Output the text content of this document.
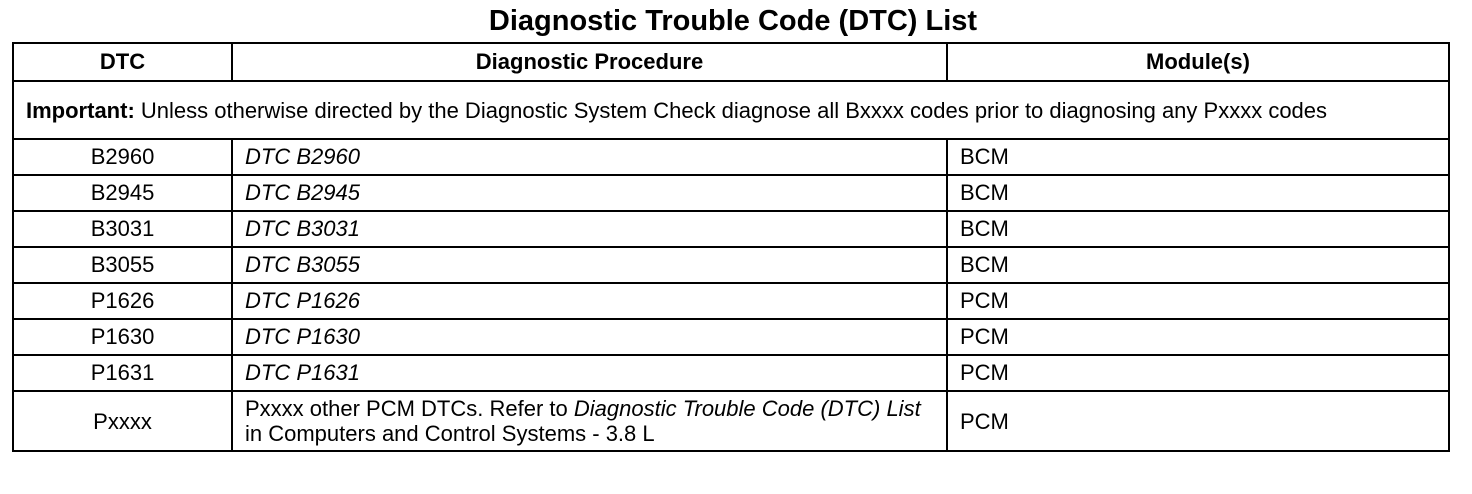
Diagnostic Trouble Code (DTC) List
DTC	Diagnostic Procedure	Module(s)
Important: Unless otherwise directed by the Diagnostic System Check diagnose all Bxxxx codes prior to diagnosing any Pxxxx codes		
B2960	DTC B2960	BCM
B2945	DTC B2945	BCM
B3031	DTC B3031	BCM
B3055	DTC B3055	BCM
P1626	DTC P1626	PCM
P1630	DTC P1630	PCM
P1631	DTC P1631	PCM
Pxxxx	Pxxxx other PCM DTCs. Refer to Diagnostic Trouble Code (DTC) List in Computers and Control Systems - 3.8 L	PCM
